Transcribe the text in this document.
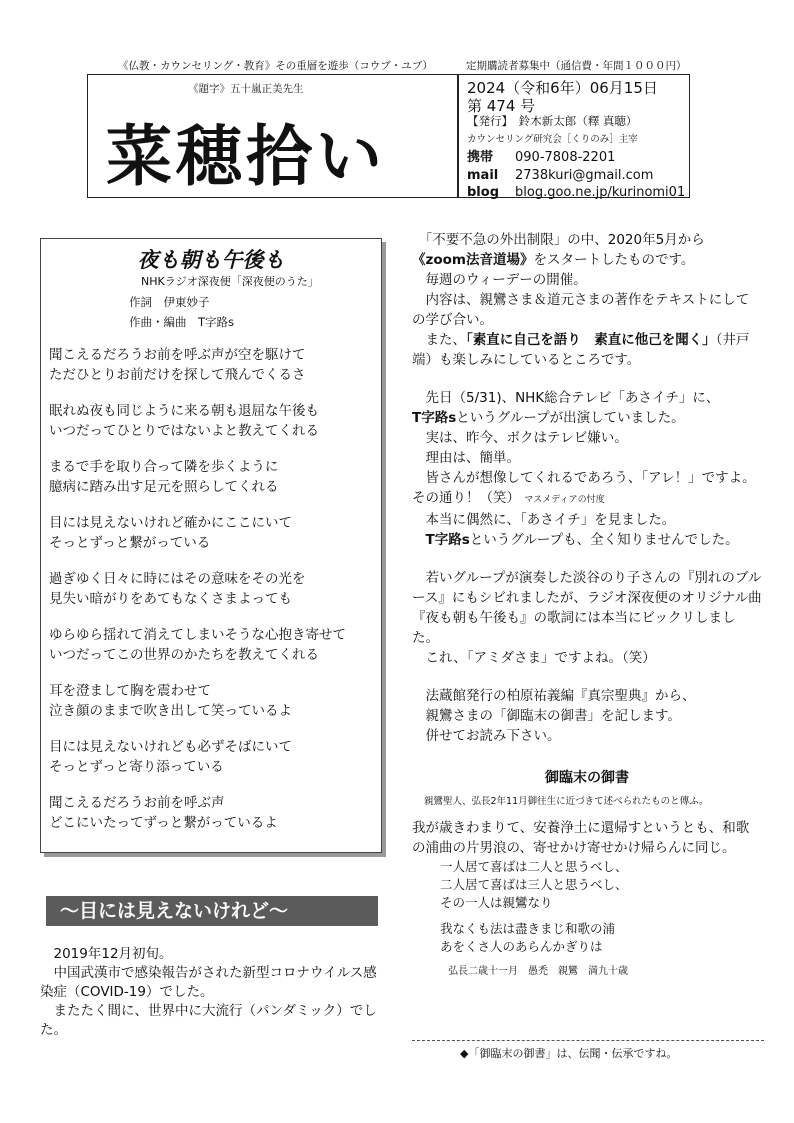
《仏教・カウンセリング・教育》その重層を遊歩（コウブ・ユブ）	定期購読者募集中（通信費・年間１０００円）
《題字》五十嵐正美先生
菜穂拾い
2024（令和6年）06月15日
第 474 号
【発行】　鈴木新太郎（釋 真聴）
カウンセリング研究会［くりのみ］主宰
携帯 090-7808-2201
mail 2738kuri@gmail.com
blog blog.goo.ne.jp/kurinomi01
夜も朝も午後も
NHKラジオ深夜便「深夜便のうた」
作詞　伊東妙子
作曲・編曲　T字路s
聞こえるだろうお前を呼ぶ声が空を駆けて
ただひとりお前だけを探して飛んでくるさ
眠れぬ夜も同じように来る朝も退屈な午後も
いつだってひとりではないよと教えてくれる
まるで手を取り合って隣を歩くように
臆病に踏み出す足元を照らしてくれる
目には見えないけれど確かにここにいて
そっとずっと繋がっている
過ぎゆく日々に時にはその意味をその光を
見失い暗がりをあてもなくさまよっても
ゆらゆら揺れて消えてしまいそうな心抱き寄せて
いつだってこの世界のかたちを教えてくれる
耳を澄まして胸を震わせて
泣き顔のままで吹き出して笑っているよ
目には見えないけれども必ずそばにいて
そっとずっと寄り添っている
聞こえるだろうお前を呼ぶ声
どこにいたってずっと繋がっているよ
〜目には見えないけれど〜
　2019年12月初旬。
　中国武漢市で感染報告がされた新型コロナウイルス感染症（COVID-19）でした。
　またたく間に、世界中に大流行（パンダミック）でした。

　「不要不急の外出制限」の中、2020年5月から

《zoom法音道場》をスタートしたものです。

　毎週のウィーデーの開催。

　内容は、親鸞さま＆道元さまの著作をテキストにしての学び合い。

　また、「素直に自己を語り　素直に他己を聞く」（井戸端）も楽しみにしているところです。

　先日（5/31)、NHK総合テレビ「あさイチ」に、

T字路sというグループが出演していました。

　実は、昨今、ボクはテレビ嫌い。

　理由は、簡単。

　皆さんが想像してくれるであろう、「アレ！」ですよ。その通り！（笑） マスメディアの忖度

　本当に偶然に、「あさイチ」を見ました。

　T字路sというグループも、全く知りませんでした。

　若いグループが演奏した淡谷のり子さんの『別れのブルース』にもシビれましたが、ラジオ深夜便のオリジナル曲『夜も朝も午後も』の歌詞には本当にビックリしました。

　これ、「アミダさま」ですよね。（笑）

　法蔵館発行の柏原祐義編『真宗聖典』から、

　親鸞さまの「御臨末の御書」を記します。

　併せてお読み下さい。

御臨末の御書
親鸞聖人、弘長2年11月御往生に近づきて述べられたものと傳ふ。

我が歳きわまりて、安養浄土に還帰すというとも、和歌の浦曲の片男浪の、寄せかけ寄せかけ帰らんに同じ。

一人居て喜ばは二人と思うべし、
二人居て喜ばは三人と思うべし、
その一人は親鸞なり
我なくも法は盡きまじ和歌の浦
あをくさ人のあらんかぎりは
弘長二歳十一月　愚禿　親鸞　満九十歳
◆「御臨末の御書」は、伝聞・伝承ですね。
